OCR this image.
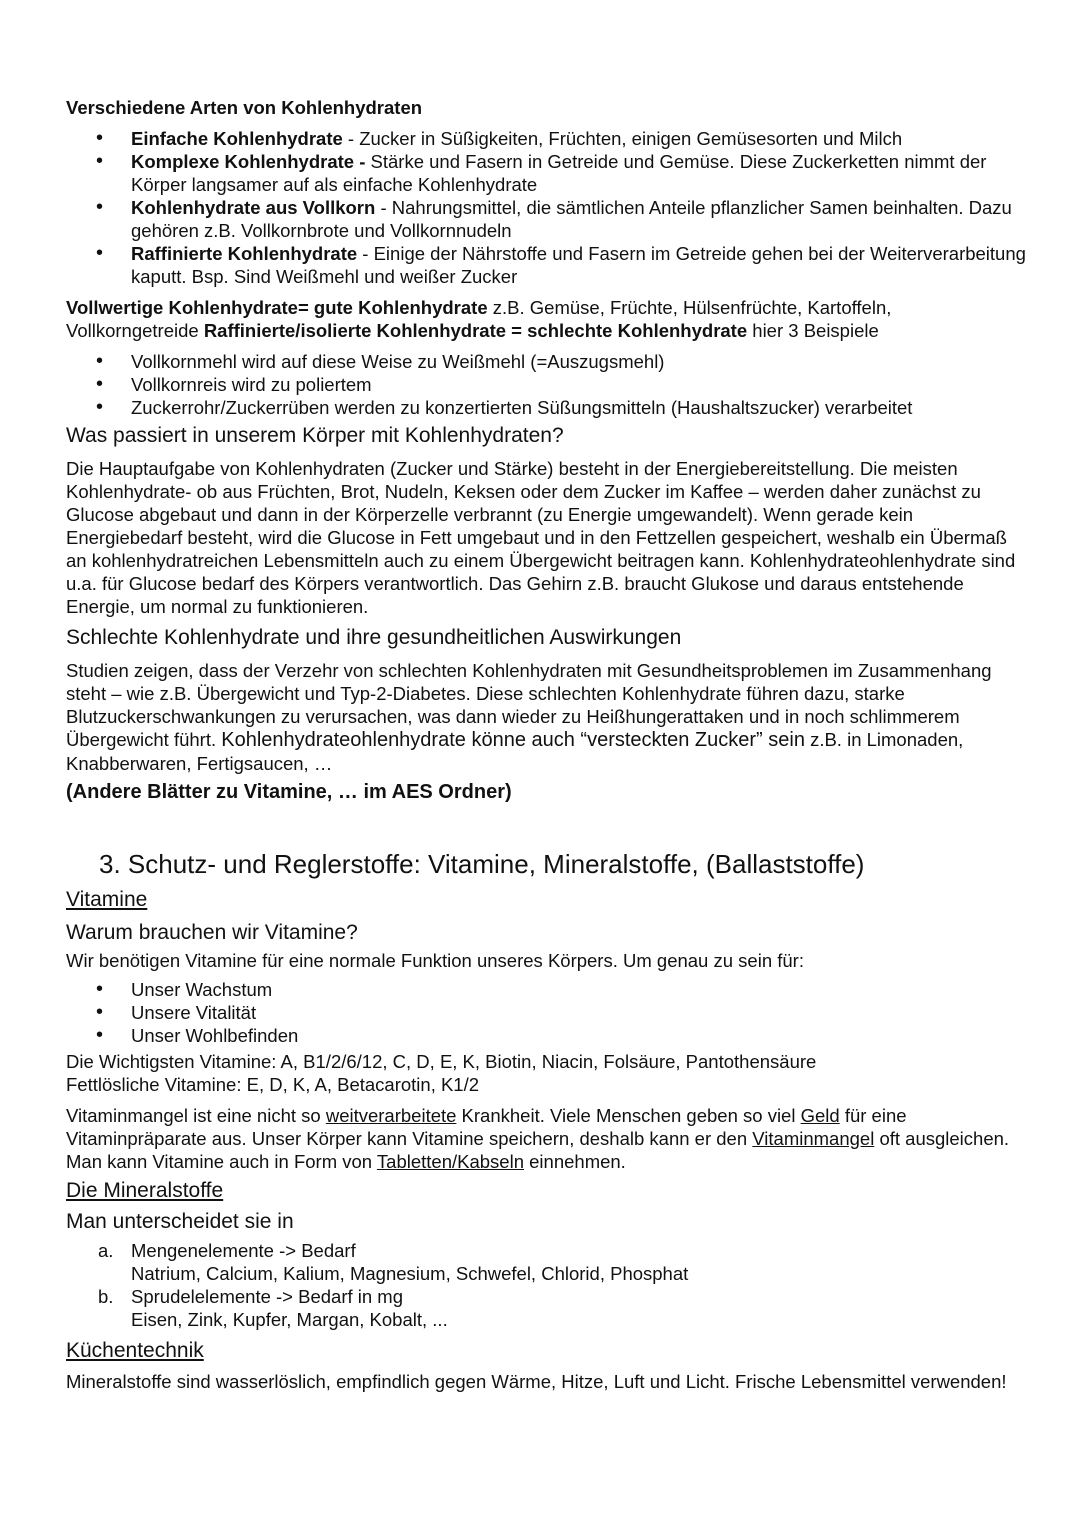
Verschiedene Arten von Kohlenhydraten

• Einfache Kohlenhydrate - Zucker in Süßigkeiten, Früchten, einigen Gemüsesorten und Milch
• Komplexe Kohlenhydrate - Stärke und Fasern in Getreide und Gemüse. Diese Zuckerketten nimmt der Körper langsamer auf als einfache Kohlenhydrate
• Kohlenhydrate aus Vollkorn - Nahrungsmittel, die sämtlichen Anteile pflanzlicher Samen beinhalten. Dazu gehören z.B. Vollkornbrote und Vollkornnudeln
• Raffinierte Kohlenhydrate - Einige der Nährstoffe und Fasern im Getreide gehen bei der Weiterverarbeitung kaputt. Bsp. Sind Weißmehl und weißer Zucker

Vollwertige Kohlenhydrate= gute Kohlenhydrate z.B. Gemüse, Früchte, Hülsenfrüchte, Kartoffeln, Vollkorngetreide Raffinierte/isolierte Kohlenhydrate = schlechte Kohlenhydrate hier 3 Beispiele

• Vollkornmehl wird auf diese Weise zu Weißmehl (=Auszugsmehl)
• Vollkornreis wird zu poliertem
• Zuckerrohr/Zuckerrüben werden zu konzertierten Süßungsmitteln (Haushaltszucker) verarbeitet

Was passiert in unserem Körper mit Kohlenhydraten?

Die Hauptaufgabe von Kohlenhydraten (Zucker und Stärke) besteht in der Energiebereitstellung. Die meisten Kohlenhydrate- ob aus Früchten, Brot, Nudeln, Keksen oder dem Zucker im Kaffee – werden daher zunächst zu Glucose abgebaut und dann in der Körperzelle verbrannt (zu Energie umgewandelt). Wenn gerade kein Energiebedarf besteht, wird die Glucose in Fett umgebaut und in den Fettzellen gespeichert, weshalb ein Übermaß an kohlenhydratreichen Lebensmitteln auch zu einem Übergewicht beitragen kann. Kohlenhydrateohlenhydrate sind u.a. für Glucose bedarf des Körpers verantwortlich. Das Gehirn z.B. braucht Glukose und daraus entstehende Energie, um normal zu funktionieren.

Schlechte Kohlenhydrate und ihre gesundheitlichen Auswirkungen

Studien zeigen, dass der Verzehr von schlechten Kohlenhydraten mit Gesundheitsproblemen im Zusammenhang steht – wie z.B. Übergewicht und Typ-2-Diabetes. Diese schlechten Kohlenhydrate führen dazu, starke Blutzuckerschwankungen zu verursachen, was dann wieder zu Heißhungerattaken und in noch schlimmerem Übergewicht führt. Kohlenhydrateohlenhydrate könne auch “versteckten Zucker” sein z.B. in Limonaden, Knabberwaren, Fertigsaucen, …

(Andere Blätter zu Vitamine, … im AES Ordner)

3. Schutz- und Reglerstoffe: Vitamine, Mineralstoffe, (Ballaststoffe)

Vitamine

Warum brauchen wir Vitamine?

Wir benötigen Vitamine für eine normale Funktion unseres Körpers. Um genau zu sein für:

• Unser Wachstum
• Unsere Vitalität
• Unser Wohlbefinden

Die Wichtigsten Vitamine: A, B1/2/6/12, C, D, E, K, Biotin, Niacin, Folsäure, Pantothensäure

Fettlösliche Vitamine: E, D, K, A, Betacarotin, K1/2

Vitaminmangel ist eine nicht so weitverarbeitete Krankheit. Viele Menschen geben so viel Geld für eine Vitaminpräparate aus. Unser Körper kann Vitamine speichern, deshalb kann er den Vitaminmangel oft ausgleichen. Man kann Vitamine auch in Form von Tabletten/Kabseln einnehmen.

Die Mineralstoffe

Man unterscheidet sie in

a. Mengenelemente -> Bedarf
Natrium, Calcium, Kalium, Magnesium, Schwefel, Chlorid, Phosphat
b. Sprudelelemente -> Bedarf in mg
Eisen, Zink, Kupfer, Margan, Kobalt, ...

Küchentechnik

Mineralstoffe sind wasserlöslich, empfindlich gegen Wärme, Hitze, Luft und Licht. Frische Lebensmittel verwenden!
